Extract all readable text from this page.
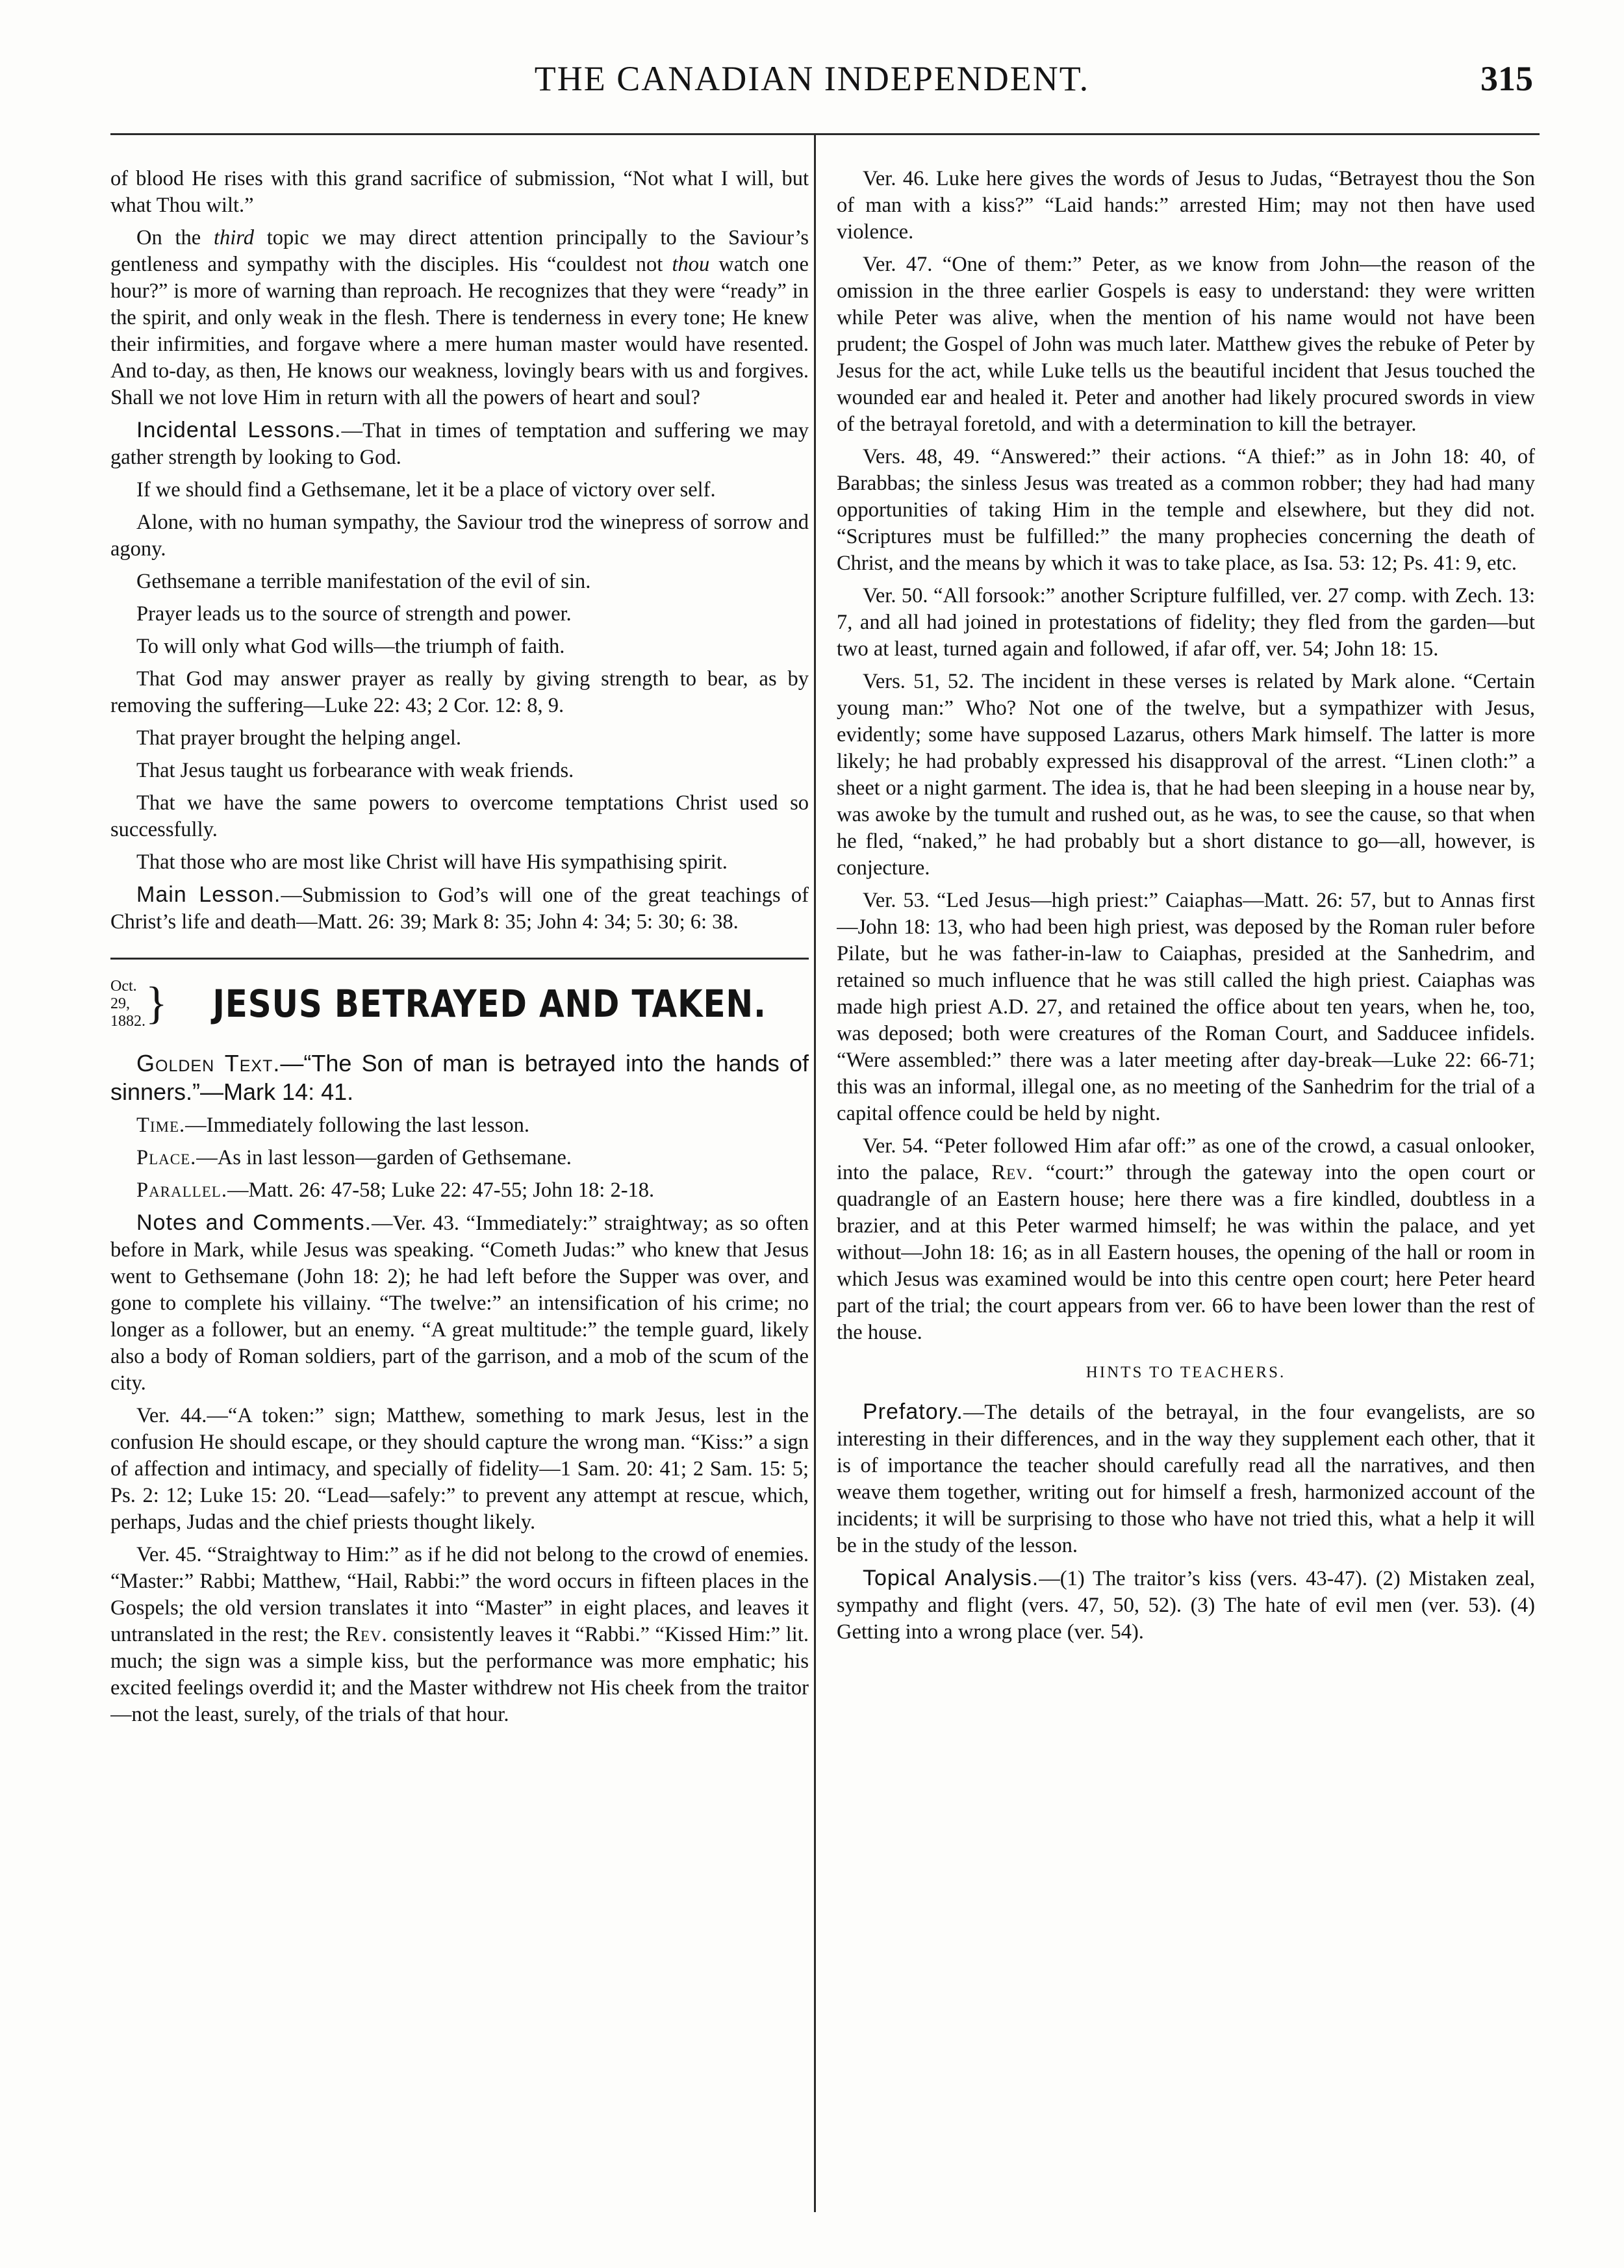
THE CANADIAN INDEPENDENT.	315

of blood He rises with this grand sacrifice of submission, “Not what I will, but what Thou wilt.”

On the third topic we may direct attention principally to the Saviour’s gentleness and sympathy with the disciples. His “couldest not thou watch one hour?” is more of warning than reproach. He recognizes that they were “ready” in the spirit, and only weak in the flesh. There is tenderness in every tone; He knew their infirmities, and forgave where a mere human master would have resented. And to-day, as then, He knows our weakness, lovingly bears with us and forgives. Shall we not love Him in return with all the powers of heart and soul?

Incidental Lessons.—That in times of temptation and suffering we may gather strength by looking to God.

If we should find a Gethsemane, let it be a place of victory over self.

Alone, with no human sympathy, the Saviour trod the winepress of sorrow and agony.

Gethsemane a terrible manifestation of the evil of sin.

Prayer leads us to the source of strength and power.

To will only what God wills—the triumph of faith.

That God may answer prayer as really by giving strength to bear, as by removing the suffering—Luke 22: 43; 2 Cor. 12: 8, 9.

That prayer brought the helping angel.

That Jesus taught us forbearance with weak friends.

That we have the same powers to overcome temptations Christ used so successfully.

That those who are most like Christ will have His sympathising spirit.

Main Lesson.—Submission to God’s will one of the great teachings of Christ’s life and death—Matt. 26: 39; Mark 8: 35; John 4: 34; 5: 30; 6: 38.

Oct. 29,
1882. } JESUS BETRAYED AND TAKEN.

Golden Text.—“The Son of man is betrayed into the hands of sinners.”—Mark 14: 41.

Time.—Immediately following the last lesson.

Place.—As in last lesson—garden of Gethsemane.

Parallel.—Matt. 26: 47-58; Luke 22: 47-55; John 18: 2-18.

Notes and Comments.—Ver. 43. “Immediately:” straightway; as so often before in Mark, while Jesus was speaking. “Cometh Judas:” who knew that Jesus went to Gethsemane (John 18: 2); he had left before the Supper was over, and gone to complete his villainy. “The twelve:” an intensification of his crime; no longer as a follower, but an enemy. “A great multitude:” the temple guard, likely also a body of Roman soldiers, part of the garrison, and a mob of the scum of the city.

Ver. 44.—“A token:” sign; Matthew, something to mark Jesus, lest in the confusion He should escape, or they should capture the wrong man. “Kiss:” a sign of affection and intimacy, and specially of fidelity—1 Sam. 20: 41; 2 Sam. 15: 5; Ps. 2: 12; Luke 15: 20. “Lead—safely:” to prevent any attempt at rescue, which, perhaps, Judas and the chief priests thought likely.

Ver. 45. “Straightway to Him:” as if he did not belong to the crowd of enemies. “Master:” Rabbi; Matthew, “Hail, Rabbi:” the word occurs in fifteen places in the Gospels; the old version translates it into “Master” in eight places, and leaves it untranslated in the rest; the Rev. consistently leaves it “Rabbi.” “Kissed Him:” lit. much; the sign was a simple kiss, but the performance was more emphatic; his excited feelings overdid it; and the Master withdrew not His cheek from the traitor—not the least, surely, of the trials of that hour.

Ver. 46. Luke here gives the words of Jesus to Judas, “Betrayest thou the Son of man with a kiss?” “Laid hands:” arrested Him; may not then have used violence.

Ver. 47. “One of them:” Peter, as we know from John—the reason of the omission in the three earlier Gospels is easy to understand: they were written while Peter was alive, when the mention of his name would not have been prudent; the Gospel of John was much later. Matthew gives the rebuke of Peter by Jesus for the act, while Luke tells us the beautiful incident that Jesus touched the wounded ear and healed it. Peter and another had likely procured swords in view of the betrayal foretold, and with a determination to kill the betrayer.

Vers. 48, 49. “Answered:” their actions. “A thief:” as in John 18: 40, of Barabbas; the sinless Jesus was treated as a common robber; they had had many opportunities of taking Him in the temple and elsewhere, but they did not. “Scriptures must be fulfilled:” the many prophecies concerning the death of Christ, and the means by which it was to take place, as Isa. 53: 12; Ps. 41: 9, etc.

Ver. 50. “All forsook:” another Scripture fulfilled, ver. 27 comp. with Zech. 13: 7, and all had joined in protestations of fidelity; they fled from the garden—but two at least, turned again and followed, if afar off, ver. 54; John 18: 15.

Vers. 51, 52. The incident in these verses is related by Mark alone. “Certain young man:” Who? Not one of the twelve, but a sympathizer with Jesus, evidently; some have supposed Lazarus, others Mark himself. The latter is more likely; he had probably expressed his disapproval of the arrest. “Linen cloth:” a sheet or a night garment. The idea is, that he had been sleeping in a house near by, was awoke by the tumult and rushed out, as he was, to see the cause, so that when he fled, “naked,” he had probably but a short distance to go—all, however, is conjecture.

Ver. 53. “Led Jesus—high priest:” Caiaphas—Matt. 26: 57, but to Annas first—John 18: 13, who had been high priest, was deposed by the Roman ruler before Pilate, but he was father-in-law to Caiaphas, presided at the Sanhedrim, and retained so much influence that he was still called the high priest. Caiaphas was made high priest A.D. 27, and retained the office about ten years, when he, too, was deposed; both were creatures of the Roman Court, and Sadducee infidels. “Were assembled:” there was a later meeting after day-break—Luke 22: 66-71; this was an informal, illegal one, as no meeting of the Sanhedrim for the trial of a capital offence could be held by night.

Ver. 54. “Peter followed Him afar off:” as one of the crowd, a casual onlooker, into the palace, Rev. “court:” through the gateway into the open court or quadrangle of an Eastern house; here there was a fire kindled, doubtless in a brazier, and at this Peter warmed himself; he was within the palace, and yet without—John 18: 16; as in all Eastern houses, the opening of the hall or room in which Jesus was examined would be into this centre open court; here Peter heard part of the trial; the court appears from ver. 66 to have been lower than the rest of the house.

HINTS TO TEACHERS.

Prefatory.—The details of the betrayal, in the four evangelists, are so interesting in their differences, and in the way they supplement each other, that it is of importance the teacher should carefully read all the narratives, and then weave them together, writing out for himself a fresh, harmonized account of the incidents; it will be surprising to those who have not tried this, what a help it will be in the study of the lesson.

Topical Analysis.—(1) The traitor’s kiss (vers. 43-47). (2) Mistaken zeal, sympathy and flight (vers. 47, 50, 52). (3) The hate of evil men (ver. 53). (4) Getting into a wrong place (ver. 54).
